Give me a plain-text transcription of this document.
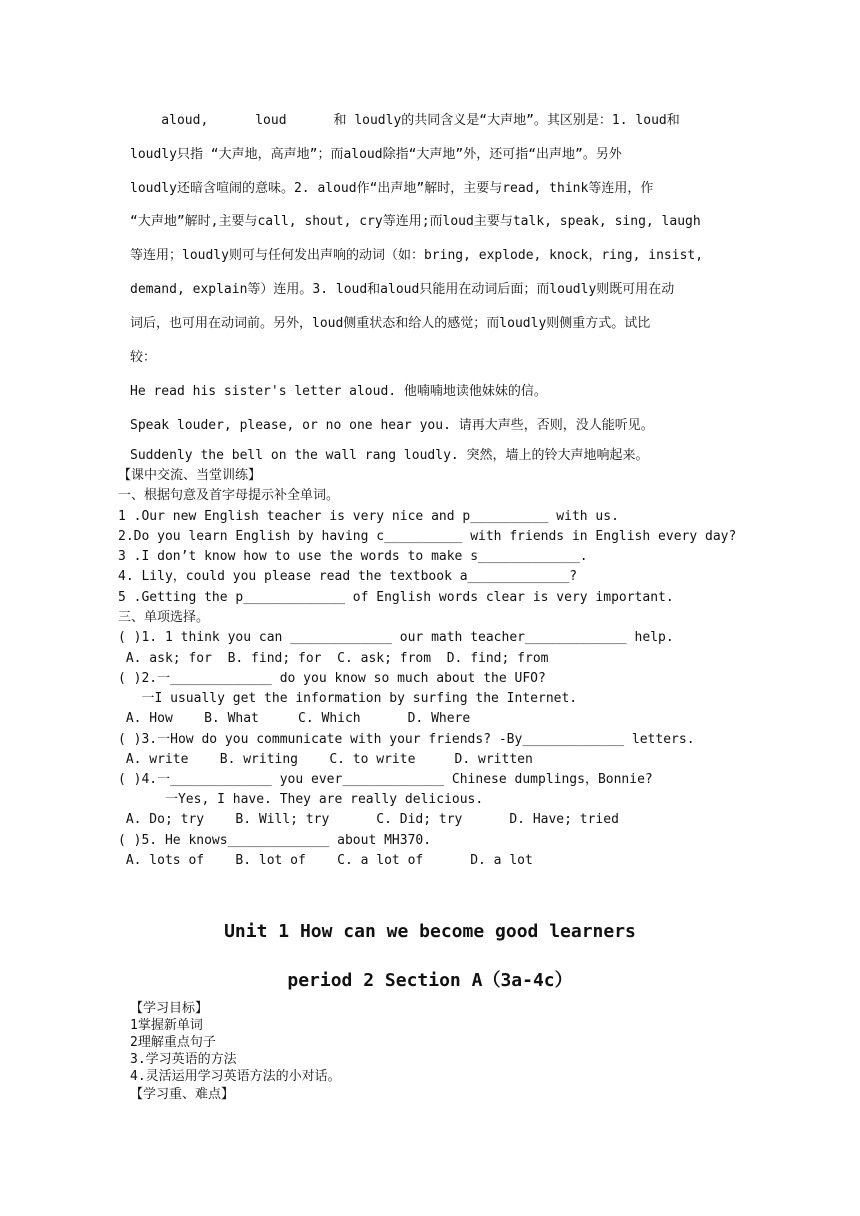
aloud,      loud      和 loudly的共同含义是“大声地”。其区别是：1. loud和
loudly只指 “大声地，高声地”；而aloud除指“大声地”外，还可指“出声地”。另外
loudly还暗含喧闹的意味。2. aloud作“出声地”解时，主要与read, think等连用，作
“大声地”解时,主要与call, shout, cry等连用;而loud主要与talk, speak, sing, laugh
等连用；loudly则可与任何发出声响的动词（如：bring, explode, knock，ring, insist,
demand, explain等）连用。3. loud和aloud只能用在动词后面；而loudly则既可用在动
词后，也可用在动词前。另外，loud侧重状态和给人的感觉；而loudly则侧重方式。试比
较：
He read his sister's letter aloud. 他喃喃地读他妹妹的信。
Speak louder, please, or no one hear you. 请再大声些，否则，没人能听见。
Suddenly the bell on the wall rang loudly. 突然，墙上的铃大声地响起来。
【课中交流、当堂训练】
一、根据句意及首字母提示补全单词。
1 .Our new English teacher is very nice and p__________ with us.
2.Do you learn English by having c__________ with friends in English every day?
3 .I don’t know how to use the words to make s_____________.
4. Lily，could you please read the textbook a_____________?
5 .Getting the p_____________ of English words clear is very important.
三、单项选择。
( )1. 1 think you can _____________ our math teacher_____________ help.
A. ask; for  B. find; for  C. ask; from  D. find; from
( )2.一_____________ do you know so much about the UFO?
一I usually get the information by surfing the Internet.
A. How    B. What     C. Which      D. Where
( )3.一How do you communicate with your friends? -By_____________ letters.
A. write    B. writing    C. to write     D. written
( )4.一_____________ you ever_____________ Chinese dumplings，Bonnie?
一Yes, I have. They are really delicious.
A. Do; try    B. Will; try      C. Did; try      D. Have; tried
( )5. He knows_____________ about MH370.
A. lots of    B. lot of    C. a lot of      D. a lot
Unit 1 How can we become good learners
period 2 Section A（3a-4c）
【学习目标】
1掌握新单词
2理解重点句子
3.学习英语的方法
4.灵活运用学习英语方法的小对话。
【学习重、难点】
